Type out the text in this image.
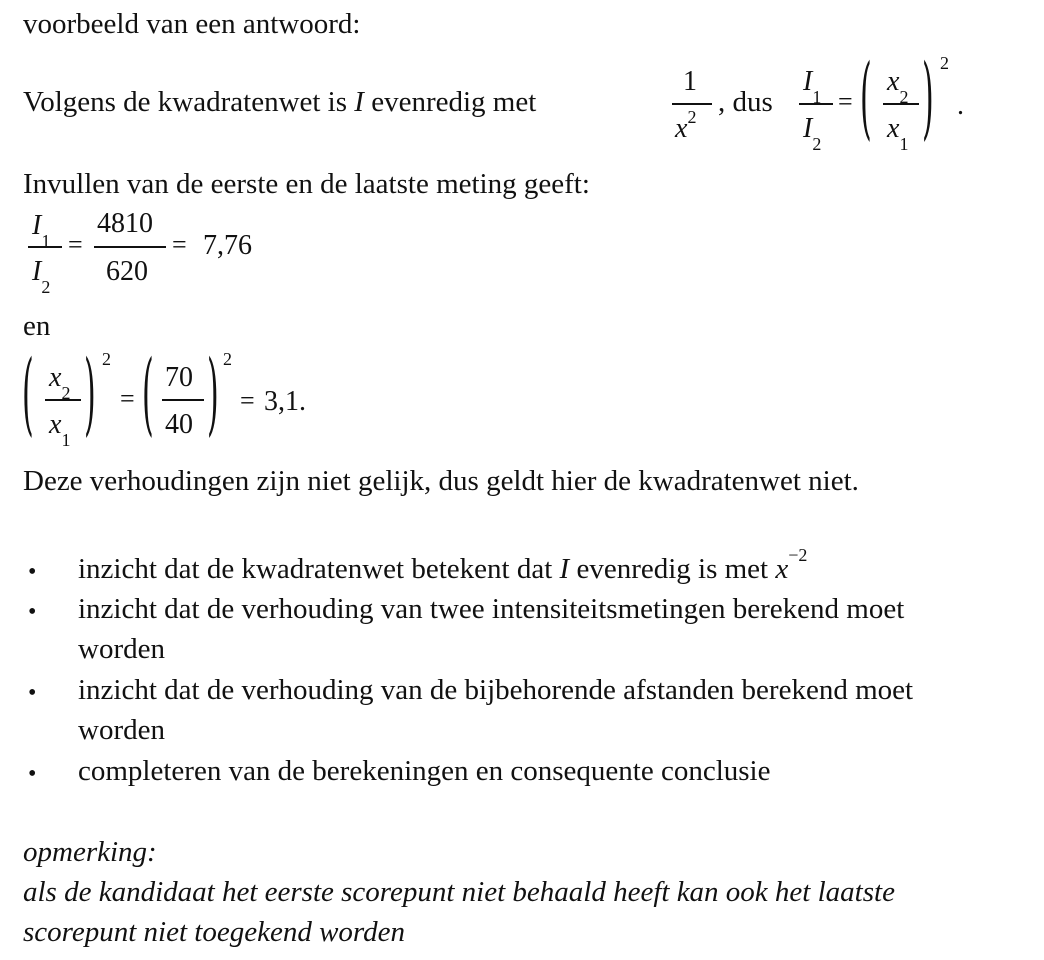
voorbeeld van een antwoord:
Volgens de kwadratenwet is I evenredig met
1
$x^2$ , dus
$I_1$
$I_2$
= ( $x_2$
$x_1$ ) 2
.
Invullen van de eerste en de laatste meting geeft:
$I_1$
$I_2$
=
4810
620
= 7,76
en
( $x_2$
$x_1$ ) 2
= ( 70
40 ) 2
= 3,1.
Deze verhoudingen zijn niet gelijk, dus geldt hier de kwadratenwet niet.
• inzicht dat de kwadratenwet betekent dat I evenredig is met $x^{-2}$
• inzicht dat de verhouding van twee intensiteitsmetingen berekend moet
worden
• inzicht dat de verhouding van de bijbehorende afstanden berekend moet
worden
• completeren van de berekeningen en consequente conclusie
opmerking:
als de kandidaat het eerste scorepunt niet behaald heeft kan ook het laatste
scorepunt niet toegekend worden
